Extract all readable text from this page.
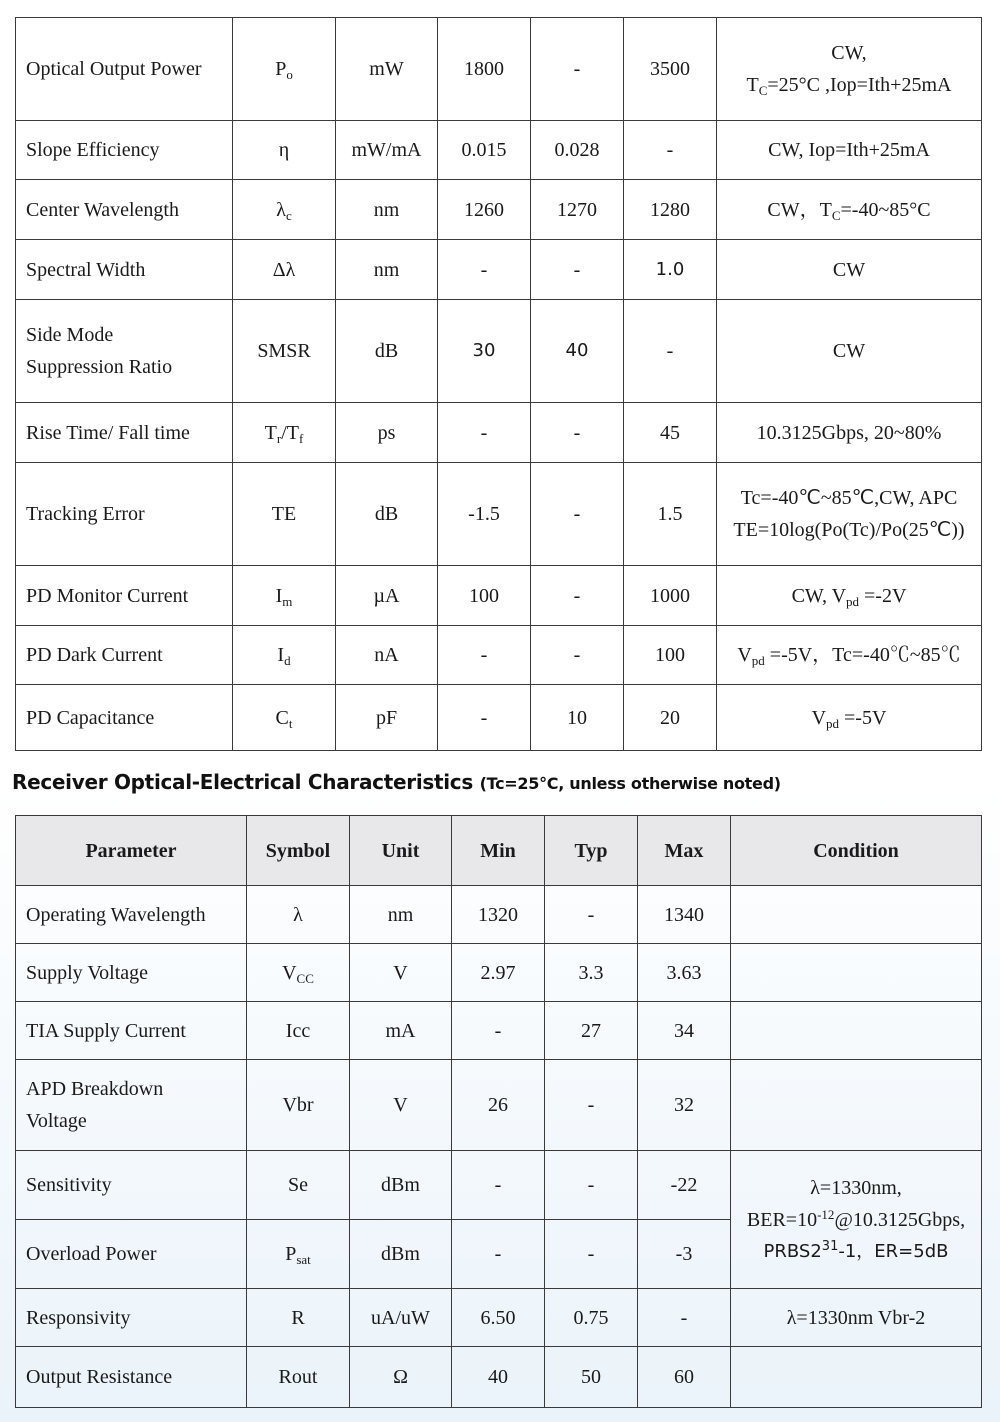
Optical Output Power	$P_o$	mW	1800	-	3500	CW,
$T_C=25^\circ C$ ,Iop=Ith+25mA

Slope Efficiency	η	mW/mA	0.015	0.028	-	CW, Iop=Ith+25mA
Center Wavelength	$\lambda_c$	nm	1260	1270	1280	CW，$T_C=-40\sim 85^\circ C$
Spectral Width	Δλ	nm	-	-	1.0	CW

Side Mode
Suppression Ratio	SMSR	dB	30	40	-	CW
Rise Time/ Fall time	$T_r/T_f$	ps	-	-	45	10.3125Gbps, 20~80%
Tracking Error	TE	dB	-1.5	-	1.5	Tc=-40℃~85℃,CW, APC
TE=10log(Po(Tc)/Po(25℃))

PD Monitor Current	$I_m$	µA	100	-	1000	CW, $V_{pd} =-2V$
PD Dark Current	$I_d$	nA	-	-	100	$V_{pd} =-5V$，Tc=-40℃~85℃
PD Capacitance	$C_t$	pF	-	10	20	$V_{pd} =-5V$
Receiver Optical-Electrical Characteristics (Tc=25°C, unless otherwise noted)
Parameter	Symbol	Unit	Min	Typ	Max	Condition
Operating Wavelength	λ	nm	1320	-	1340	
Supply Voltage	$V_{CC}$	V	2.97	3.3	3.63	
TIA Supply Current	Icc	mA	-	27	34	

APD Breakdown
Voltage	Vbr	V	26	-	32	
Sensitivity	Se	dBm	-	-	-22	λ=1330nm,
$BER=10^{-12}@10.3125Gbps$,
$PRBS2^{31}-1$，ER=5dB

Overload Power	$P_{sat}$	dBm	-	-	-3	
Responsivity	R	uA/uW	6.50	0.75	-	λ=1330nm Vbr-2
Output Resistance	Rout	Ω	40	50	60	
